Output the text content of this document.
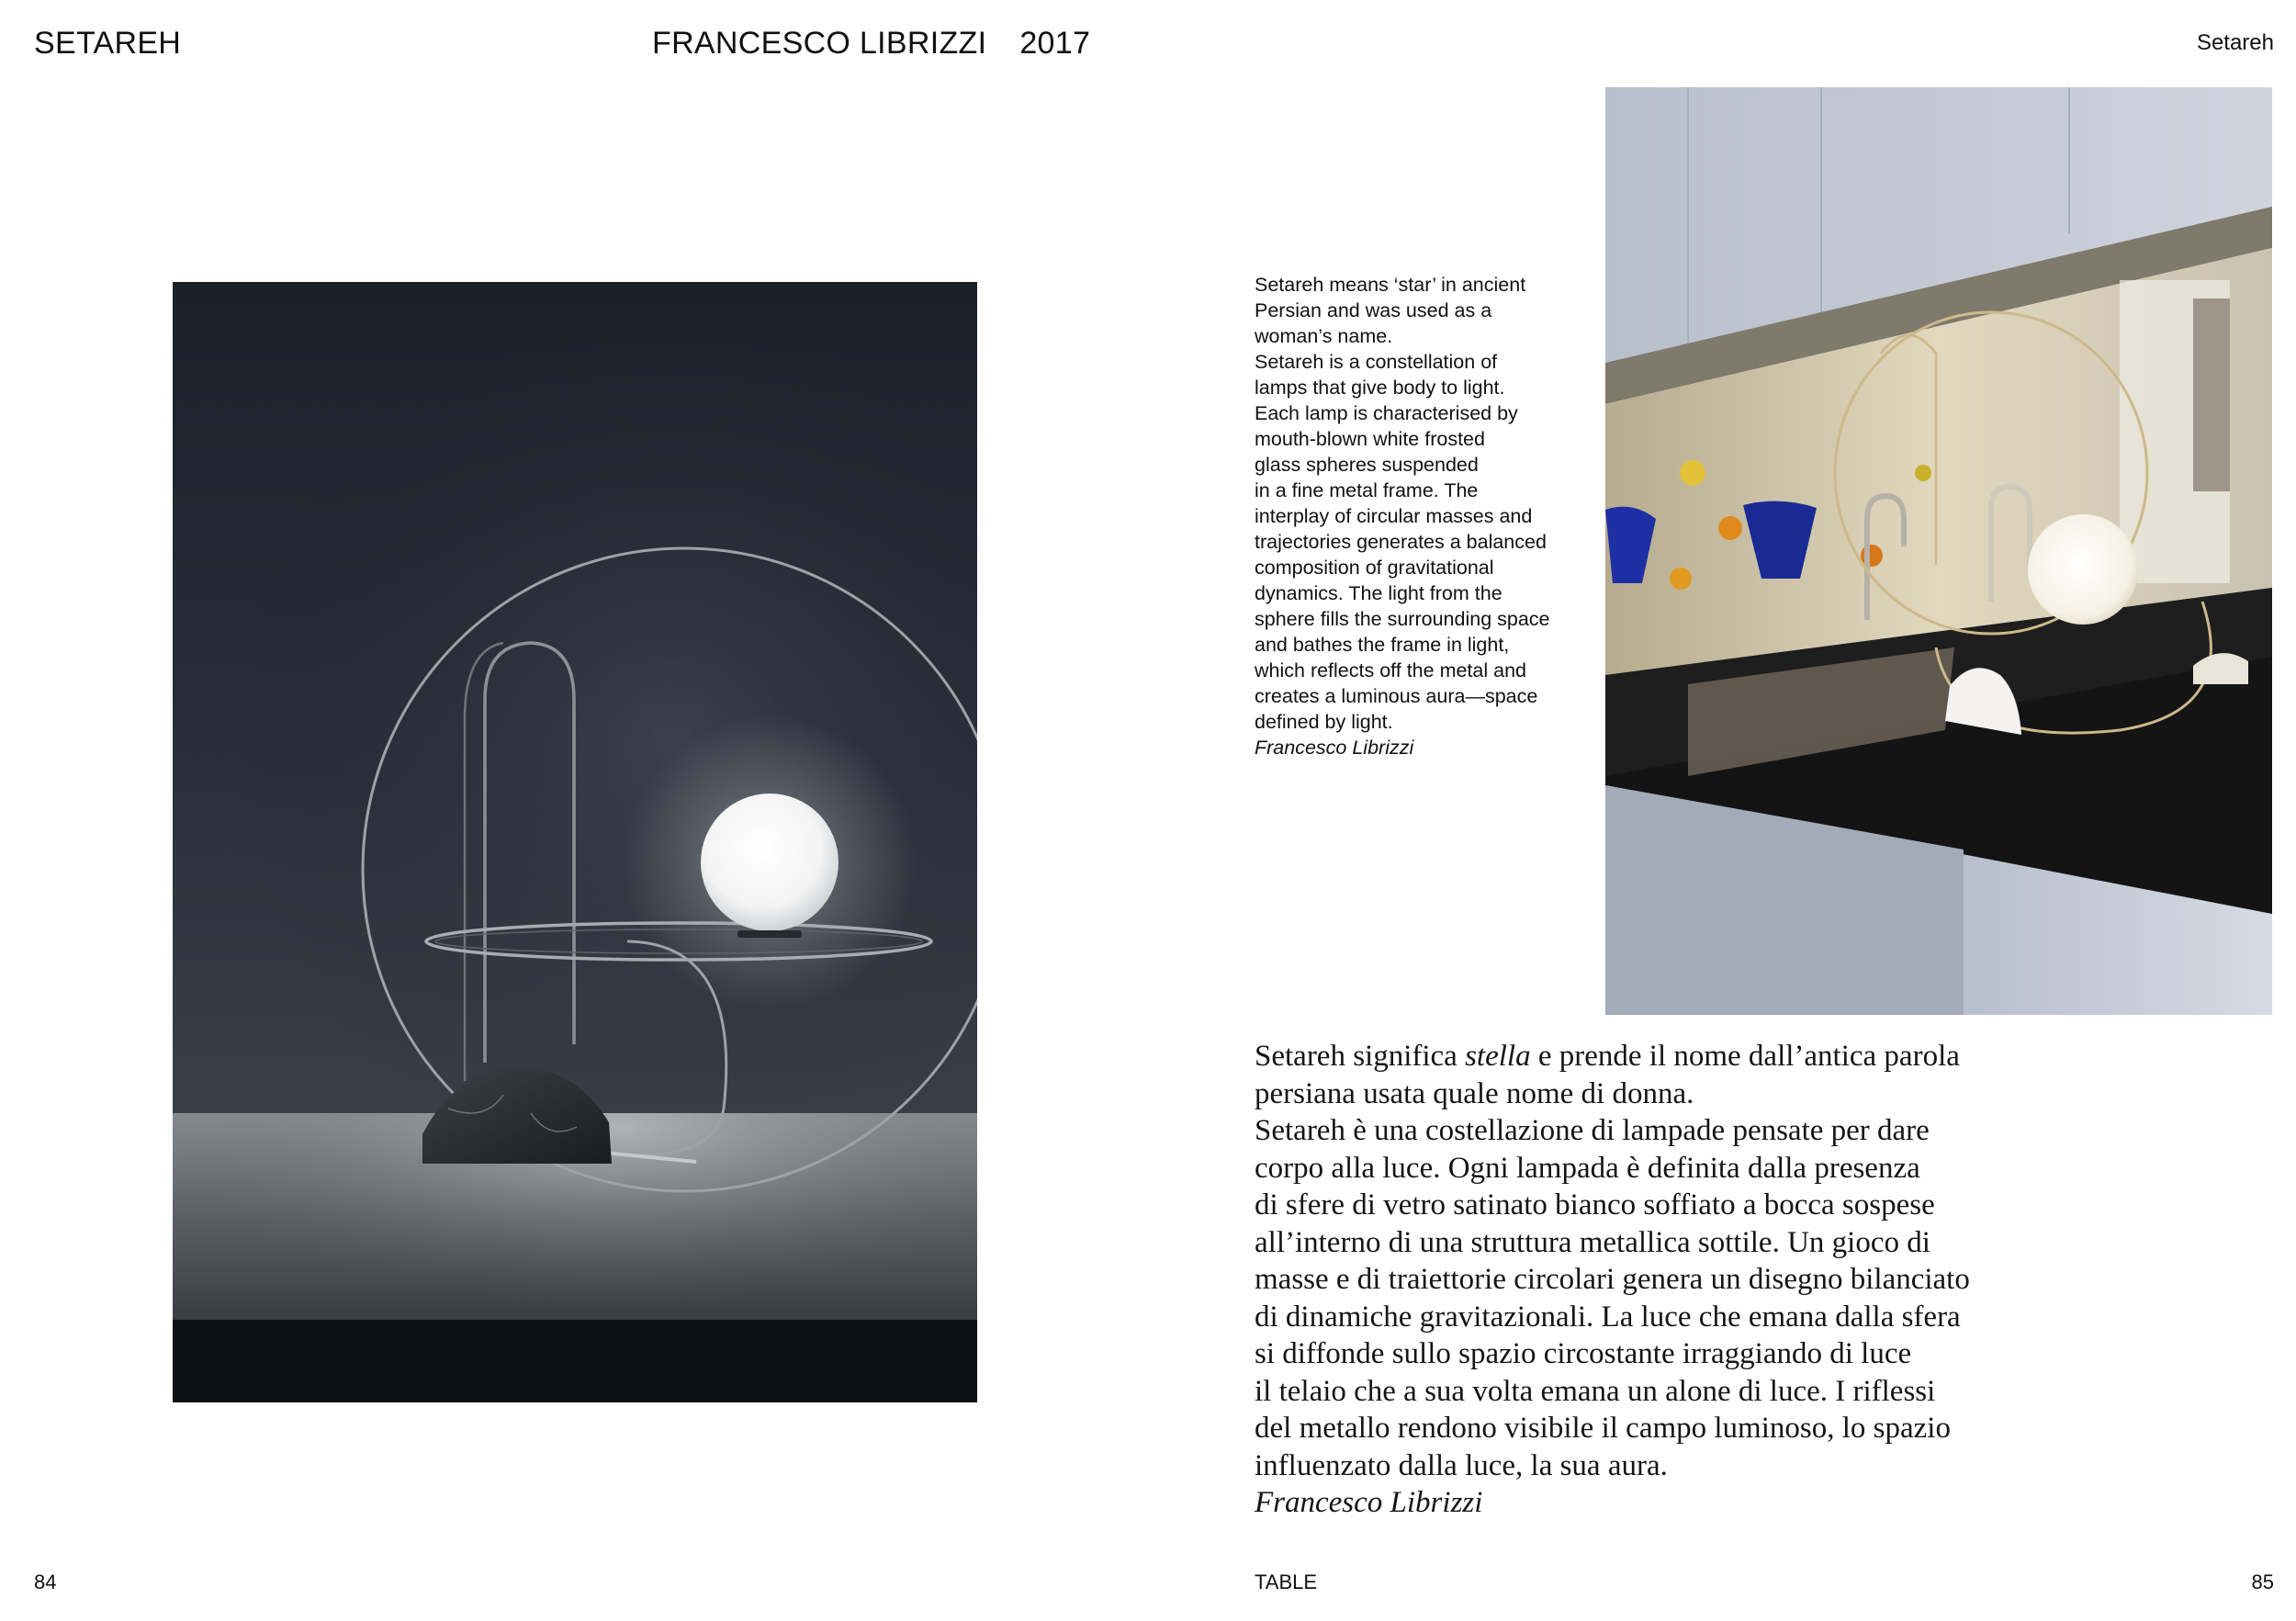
SETAREH	FRANCESCO LIBRIZZI 2017	Setareh

Setareh means ‘star’ in ancient

Persian and was used as a

woman’s name.

Setareh is a constellation of

lamps that give body to light.

Each lamp is characterised by

mouth-blown white frosted

glass spheres suspended

in a fine metal frame. The

interplay of circular masses and

trajectories generates a balanced

composition of gravitational

dynamics. The light from the

sphere fills the surrounding space

and bathes the frame in light,

which reflects off the metal and

creates a luminous aura—space

defined by light.

Francesco Librizzi

Setareh significa stella e prende il nome dall’antica parola

persiana usata quale nome di donna.

Setareh è una costellazione di lampade pensate per dare

corpo alla luce. Ogni lampada è definita dalla presenza

di sfere di vetro satinato bianco soffiato a bocca sospese

all’interno di una struttura metallica sottile. Un gioco di

masse e di traiettorie circolari genera un disegno bilanciato

di dinamiche gravitazionali. La luce che emana dalla sfera

si diffonde sullo spazio circostante irraggiando di luce

il telaio che a sua volta emana un alone di luce. I riflessi

del metallo rendono visibile il campo luminoso, lo spazio

influenzato dalla luce, la sua aura.

Francesco Librizzi

84	TABLE	85
